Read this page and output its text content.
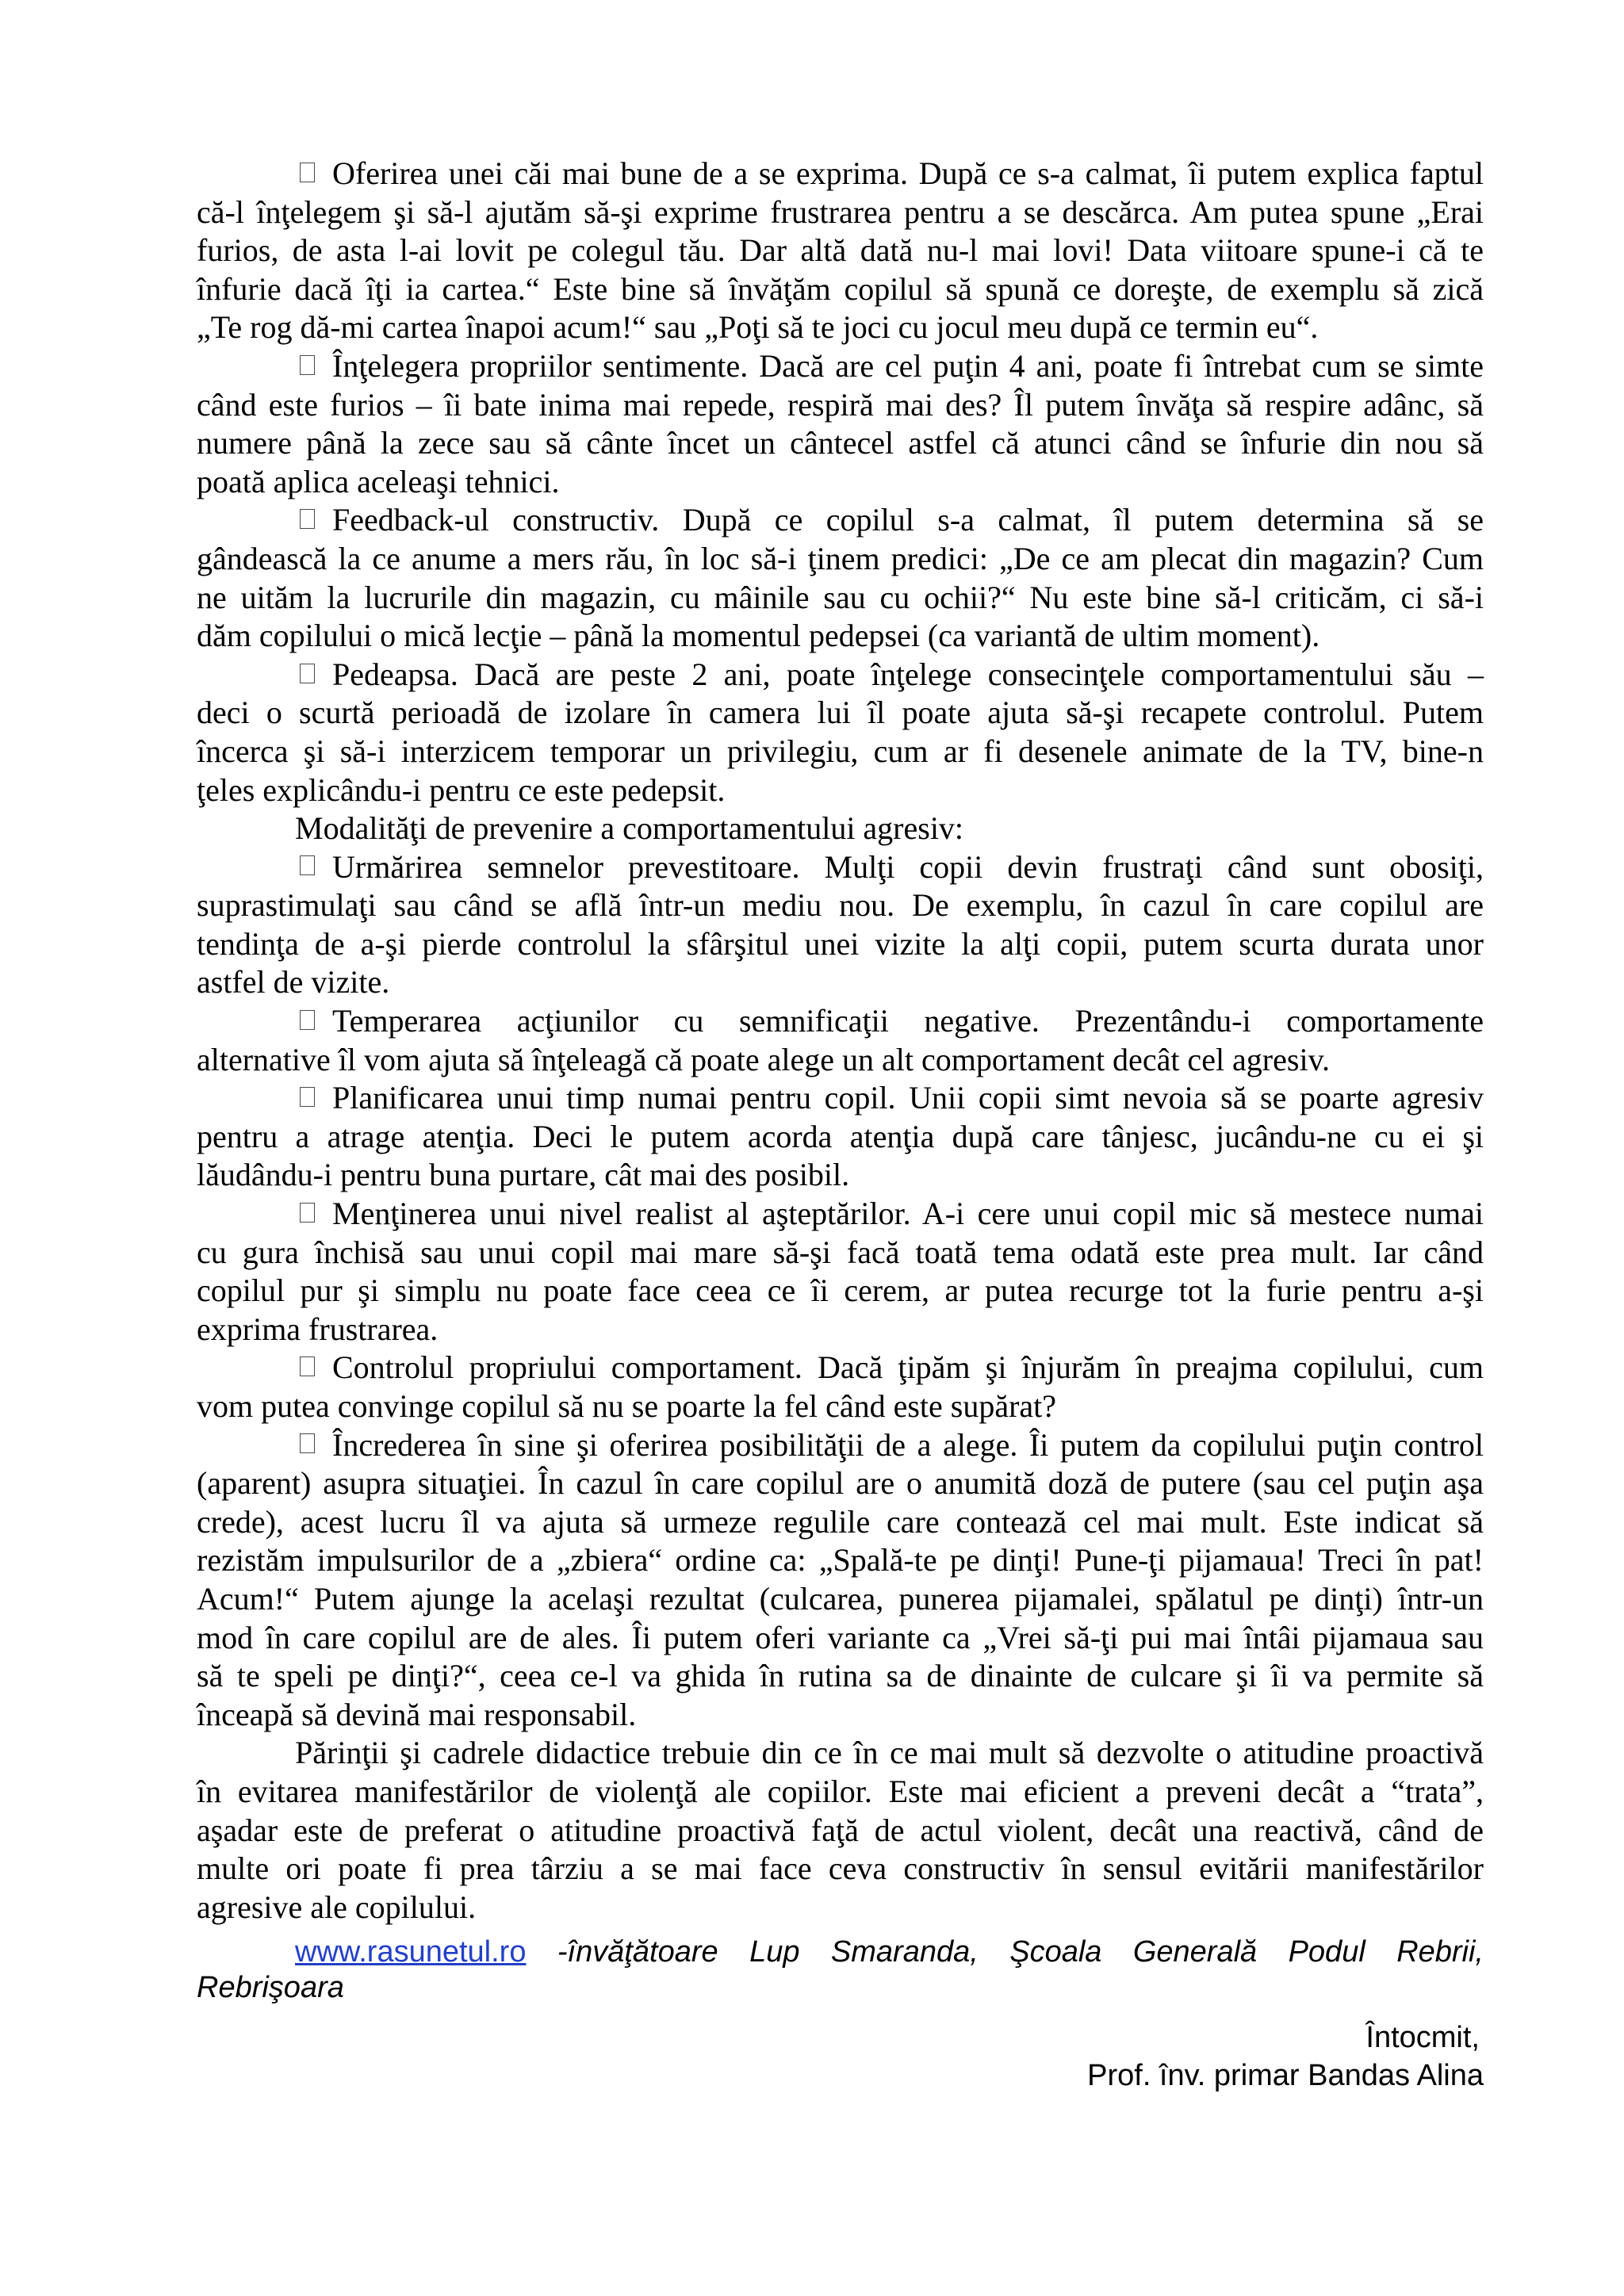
Oferirea unei căi mai bune de a se exprima. După ce s-a calmat, îi putem explica faptul
că-l înţelegem şi să-l ajutăm să-şi exprime frustrarea pentru a se descărca. Am putea spune „Erai
furios, de asta l-ai lovit pe colegul tău. Dar altă dată nu-l mai lovi! Data viitoare spune-i că te
înfurie dacă îţi ia cartea.“ Este bine să învăţăm copilul să spună ce doreşte, de exemplu să zică
„Te rog dă-mi cartea înapoi acum!“ sau „Poţi să te joci cu jocul meu după ce termin eu“.
Înţelegera propriilor sentimente. Dacă are cel puţin 4 ani, poate fi întrebat cum se simte
când este furios – îi bate inima mai repede, respiră mai des? Îl putem învăţa să respire adânc, să
numere până la zece sau să cânte încet un cântecel astfel că atunci când se înfurie din nou să
poată aplica aceleaşi tehnici.
Feedback-ul constructiv. După ce copilul s-a calmat, îl putem determina să se
gândească la ce anume a mers rău, în loc să-i ţinem predici: „De ce am plecat din magazin? Cum
ne uităm la lucrurile din magazin, cu mâinile sau cu ochii?“ Nu este bine să-l criticăm, ci să-i
dăm copilului o mică lecţie – până la momentul pedepsei (ca variantă de ultim moment).
Pedeapsa. Dacă are peste 2 ani, poate înţelege consecinţele comportamentului său –
deci o scurtă perioadă de izolare în camera lui îl poate ajuta să-şi recapete controlul. Putem
încerca şi să-i interzicem temporar un privilegiu, cum ar fi desenele animate de la TV, bine-n
ţeles explicându-i pentru ce este pedepsit.
Modalităţi de prevenire a comportamentului agresiv:
Urmărirea semnelor prevestitoare. Mulţi copii devin frustraţi când sunt obosiţi,
suprastimulaţi sau când se află într-un mediu nou. De exemplu, în cazul în care copilul are
tendinţa de a-şi pierde controlul la sfârşitul unei vizite la alţi copii, putem scurta durata unor
astfel de vizite.
Temperarea acţiunilor cu semnificaţii negative. Prezentându-i comportamente
alternative îl vom ajuta să înţeleagă că poate alege un alt comportament decât cel agresiv.
Planificarea unui timp numai pentru copil. Unii copii simt nevoia să se poarte agresiv
pentru a atrage atenţia. Deci le putem acorda atenţia după care tânjesc, jucându-ne cu ei şi
lăudându-i pentru buna purtare, cât mai des posibil.
Menţinerea unui nivel realist al aşteptărilor. A-i cere unui copil mic să mestece numai
cu gura închisă sau unui copil mai mare să-şi facă toată tema odată este prea mult. Iar când
copilul pur şi simplu nu poate face ceea ce îi cerem, ar putea recurge tot la furie pentru a-şi
exprima frustrarea.
Controlul propriului comportament. Dacă ţipăm şi înjurăm în preajma copilului, cum
vom putea convinge copilul să nu se poarte la fel când este supărat?
Încrederea în sine şi oferirea posibilităţii de a alege. Îi putem da copilului puţin control
(aparent) asupra situaţiei. În cazul în care copilul are o anumită doză de putere (sau cel puţin aşa
crede), acest lucru îl va ajuta să urmeze regulile care contează cel mai mult. Este indicat să
rezistăm impulsurilor de a „zbiera“ ordine ca: „Spală-te pe dinţi! Pune-ţi pijamaua! Treci în pat!
Acum!“ Putem ajunge la acelaşi rezultat (culcarea, punerea pijamalei, spălatul pe dinţi) într-un
mod în care copilul are de ales. Îi putem oferi variante ca „Vrei să-ţi pui mai întâi pijamaua sau
să te speli pe dinţi?“, ceea ce-l va ghida în rutina sa de dinainte de culcare şi îi va permite să
înceapă să devină mai responsabil.
Părinţii şi cadrele didactice trebuie din ce în ce mai mult să dezvolte o atitudine proactivă
în evitarea manifestărilor de violenţă ale copiilor. Este mai eficient a preveni decât a “trata”,
aşadar este de preferat o atitudine proactivă faţă de actul violent, decât una reactivă, când de
multe ori poate fi prea târziu a se mai face ceva constructiv în sensul evitării manifestărilor
agresive ale copilului.
www.rasunetul.ro -învăţătoare Lup Smaranda, Şcoala Generală Podul Rebrii,
Rebrişoara
Întocmit,
Prof. înv. primar Bandas Alina
